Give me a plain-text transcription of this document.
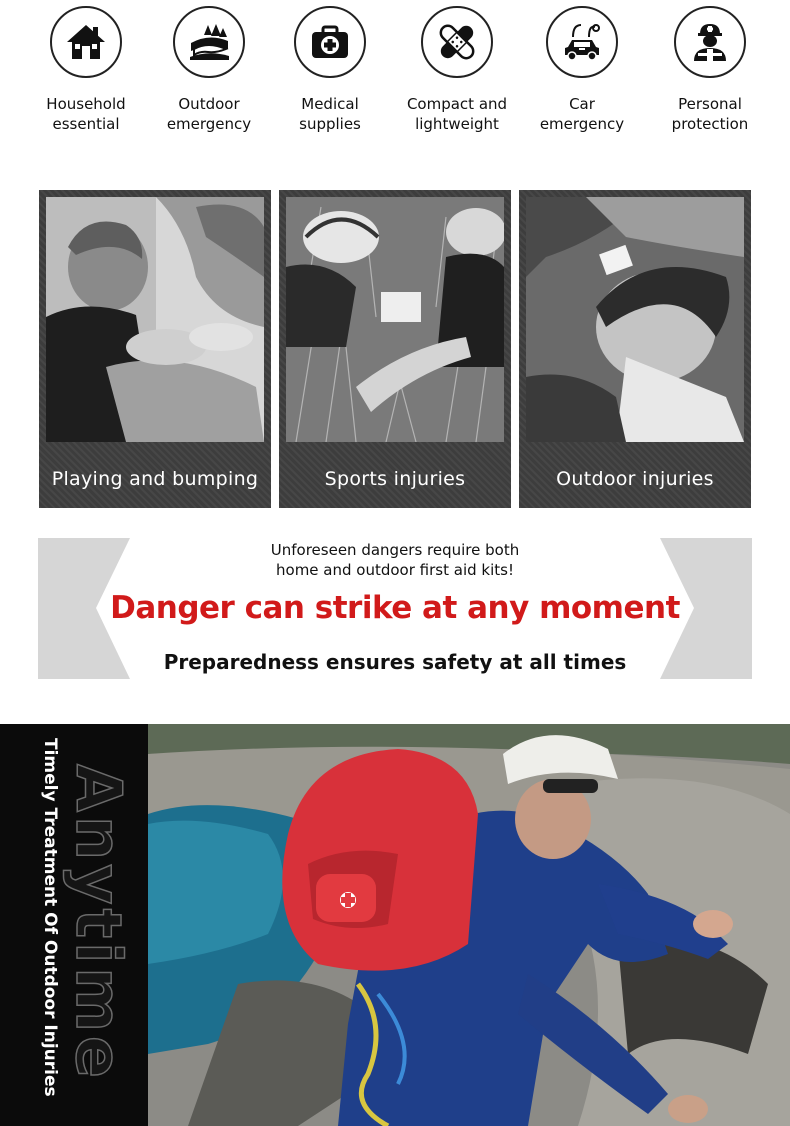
Household
essential
Outdoor
emergency
Medical
supplies
Compact and
lightweight
Car
emergency
Personal
protection
Playing and bumping	Sports injuries	Outdoor injuries
Unforeseen dangers require both
home and outdoor first aid kits!
Danger can strike at any moment
Preparedness ensures safety at all times
Timely Treatment Of Outdoor Injuries Anytime
